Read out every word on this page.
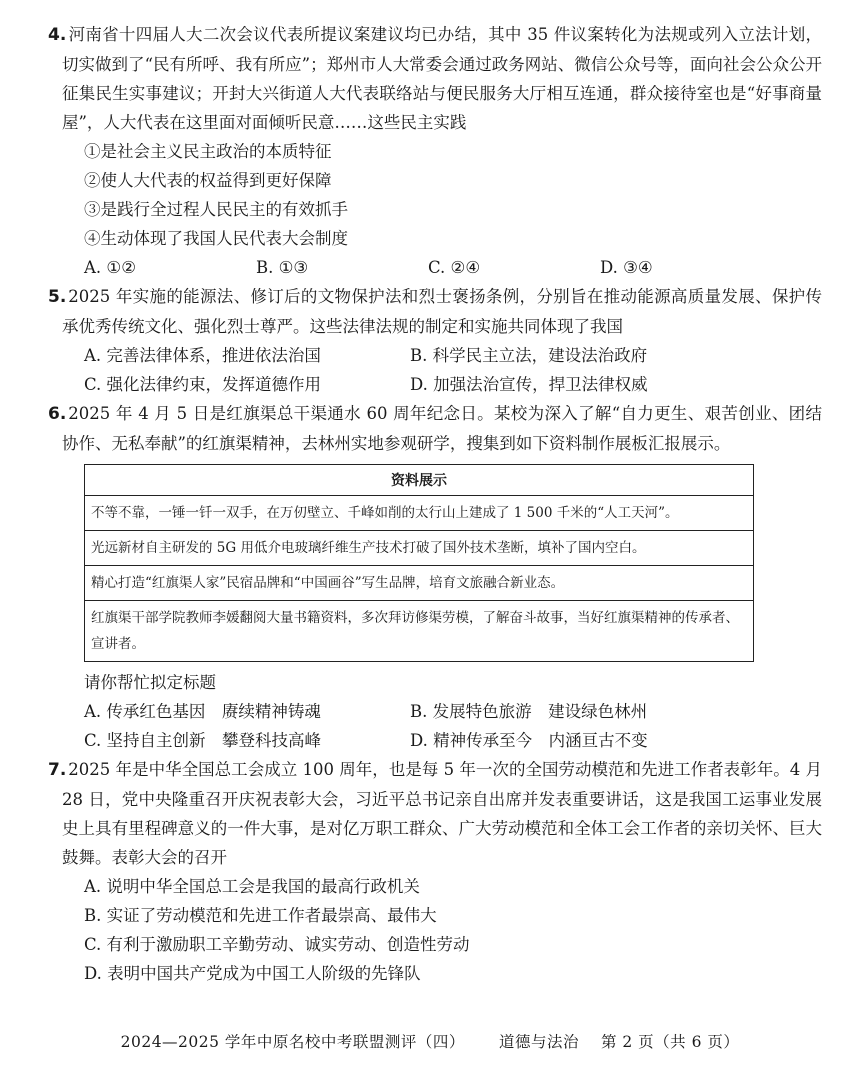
4. 河南省十四届人大二次会议代表所提议案建议均已办结，其中 35 件议案转化为法规或列入立法计划，切实做到了“民有所呼、我有所应”；郑州市人大常委会通过政务网站、微信公众号等，面向社会公众公开征集民生实事建议；开封大兴街道人大代表联络站与便民服务大厅相互连通，群众接待室也是“好事商量屋”，人大代表在这里面对面倾听民意……这些民主实践
①是社会主义民主政治的本质特征
②使人大代表的权益得到更好保障
③是践行全过程人民民主的有效抓手
④生动体现了我国人民代表大会制度
A. ①②	B. ①③	C. ②④	D. ③④
5. 2025 年实施的能源法、修订后的文物保护法和烈士褒扬条例，分别旨在推动能源高质量发展、保护传承优秀传统文化、强化烈士尊严。这些法律法规的制定和实施共同体现了我国
A. 完善法律体系，推进依法治国	B. 科学民主立法，建设法治政府
C. 强化法律约束，发挥道德作用	D. 加强法治宣传，捍卫法律权威
6. 2025 年 4 月 5 日是红旗渠总干渠通水 60 周年纪念日。某校为深入了解“自力更生、艰苦创业、团结协作、无私奉献”的红旗渠精神，去林州实地参观研学，搜集到如下资料制作展板汇报展示。
资料展示
不等不靠，一锤一钎一双手，在万仞壁立、千峰如削的太行山上建成了 1 500 千米的“人工天河”。
光远新材自主研发的 5G 用低介电玻璃纤维生产技术打破了国外技术垄断，填补了国内空白。
精心打造“红旗渠人家”民宿品牌和“中国画谷”写生品牌，培育文旅融合新业态。
红旗渠干部学院教师李媛翻阅大量书籍资料，多次拜访修渠劳模，了解奋斗故事，当好红旗渠精神的传承者、宣讲者。
请你帮忙拟定标题
A. 传承红色基因　赓续精神铸魂	B. 发展特色旅游　建设绿色林州
C. 坚持自主创新　攀登科技高峰	D. 精神传承至今　内涵亘古不变
7. 2025 年是中华全国总工会成立 100 周年，也是每 5 年一次的全国劳动模范和先进工作者表彰年。4 月 28 日，党中央隆重召开庆祝表彰大会，习近平总书记亲自出席并发表重要讲话，这是我国工运事业发展史上具有里程碑意义的一件大事，是对亿万职工群众、广大劳动模范和全体工会工作者的亲切关怀、巨大鼓舞。表彰大会的召开
A. 说明中华全国总工会是我国的最高行政机关
B. 实证了劳动模范和先进工作者最崇高、最伟大
C. 有利于激励职工辛勤劳动、诚实劳动、创造性劳动
D. 表明中国共产党成为中国工人阶级的先锋队
2024—2025 学年中原名校中考联盟测评（四） 道德与法治 第 2 页（共 6 页）
